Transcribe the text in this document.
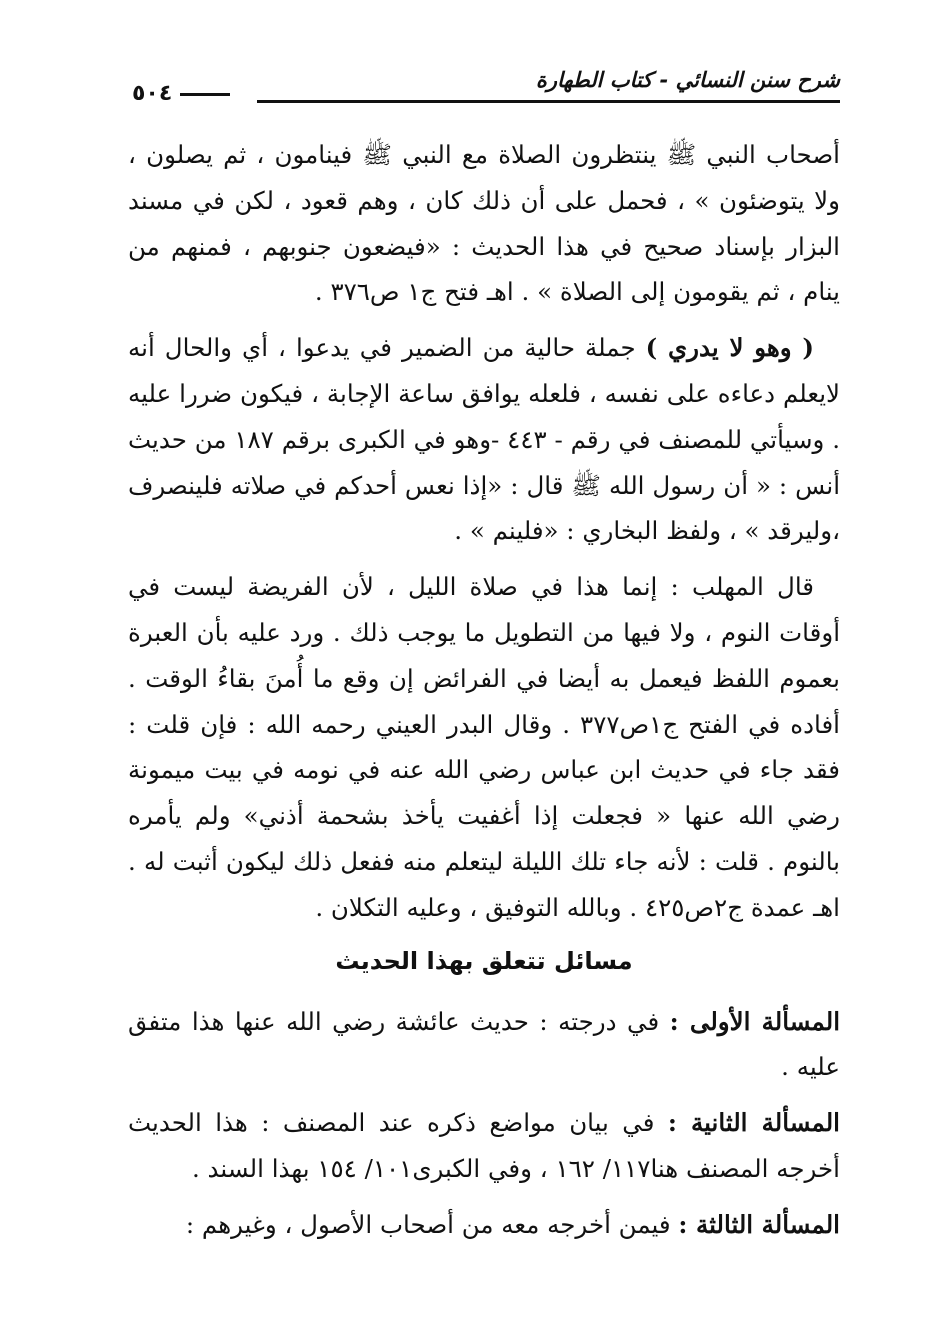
شرح سنن النسائي - كتاب الطهارة
٥٠٤

أصحاب النبي ﷺ ينتظرون الصلاة مع النبي ﷺ فينامون ، ثم يصلون ، ولا يتوضئون » ، فحمل على أن ذلك كان ، وهم قعود ، لكن في مسند البزار بإسناد صحيح في هذا الحديث : «فيضعون جنوبهم ، فمنهم من ينام ، ثم يقومون إلى الصلاة » . اهـ فتح ج١ ص٣٧٦ .

( وهو لا يدري ) جملة حالية من الضمير في يدعوا ، أي والحال أنه لايعلم دعاءه على نفسه ، فلعله يوافق ساعة الإجابة ، فيكون ضررا عليه . وسيأتي للمصنف في رقم - ٤٤٣ -وهو في الكبرى برقم ١٨٧ من حديث أنس : « أن رسول الله ﷺ قال : «إذا نعس أحدكم في صلاته فلينصرف ،وليرقد » ، ولفظ البخاري : «فلينم » .

قال المهلب : إنما هذا في صلاة الليل ، لأن الفريضة ليست في أوقات النوم ، ولا فيها من التطويل ما يوجب ذلك . ورد عليه بأن العبرة بعموم اللفظ فيعمل به أيضا في الفرائض إن وقع ما أُمنَ بقاءُ الوقت . أفاده في الفتح ج١ص٣٧٧ . وقال البدر العيني رحمه الله : فإن قلت : فقد جاء في حديث ابن عباس رضي الله عنه في نومه في بيت ميمونة رضي الله عنها « فجعلت إذا أغفيت يأخذ بشحمة أذني» ولم يأمره بالنوم . قلت : لأنه جاء تلك الليلة ليتعلم منه ففعل ذلك ليكون أثبت له . اهـ عمدة ج٢ص٤٢٥ . وبالله التوفيق ، وعليه التكلان .

مسائل تتعلق بهذا الحديث

المسألة الأولى : في درجته : حديث عائشة رضي الله عنها هذا متفق عليه .

المسألة الثانية : في بيان مواضع ذكره عند المصنف : هذا الحديث أخرجه المصنف هنا١١٧/ ١٦٢ ، وفي الكبرى١٠١/ ١٥٤ بهذا السند .

المسألة الثالثة : فيمن أخرجه معه من أصحاب الأصول ، وغيرهم :
